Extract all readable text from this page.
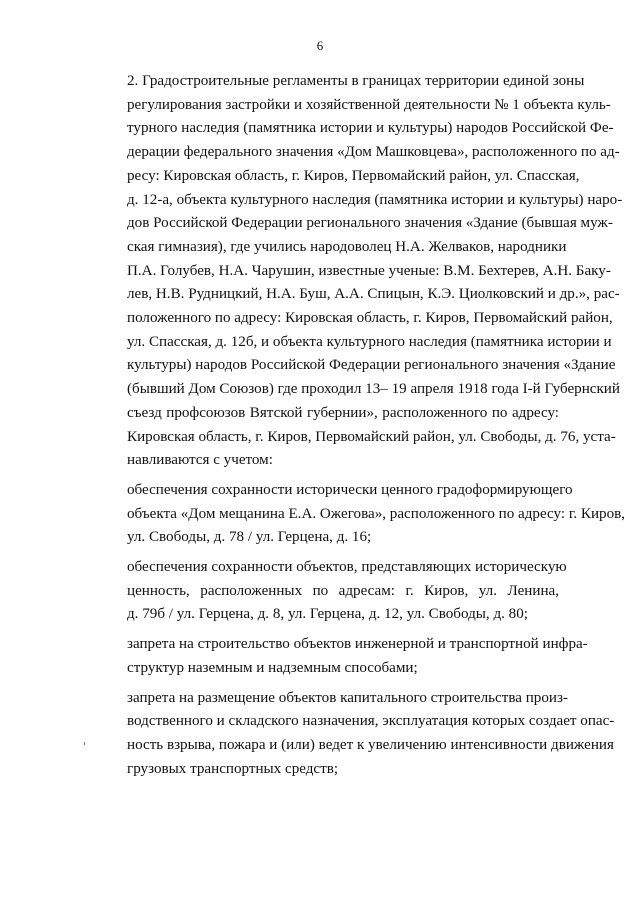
6

2. Градостроительные регламенты в границах территории единой зоны
регулирования застройки и хозяйственной деятельности № 1 объекта куль-
турного наследия (памятника истории и культуры) народов Российской Фе-
дерации федерального значения «Дом Машковцева», расположенного по ад-
ресу: Кировская область, г. Киров, Первомайский район, ул. Спасская,
д. 12-а, объекта культурного наследия (памятника истории и культуры) наро-
дов Российской Федерации регионального значения «Здание (бывшая муж-
ская гимназия), где учились народоволец Н.А. Желваков, народники
П.А. Голубев, Н.А. Чарушин, известные ученые: В.М. Бехтерев, А.Н. Баку-
лев, Н.В. Рудницкий, Н.А. Буш, А.А. Спицын, К.Э. Циолковский и др.», рас-
положенного по адресу: Кировская область, г. Киров, Первомайский район,
ул. Спасская, д. 12б, и объекта культурного наследия (памятника истории и
культуры) народов Российской Федерации регионального значения «Здание
(бывший Дом Союзов) где проходил 13– 19 апреля 1918 года I-й Губернский
съезд профсоюзов Вятской губернии», расположенного по адресу:
Кировская область, г. Киров, Первомайский район, ул. Свободы, д. 76, уста-
навливаются с учетом:

обеспечения сохранности исторически ценного градоформирующего
объекта «Дом мещанина Е.А. Ожегова», расположенного по адресу: г. Киров,
ул. Свободы, д. 78 / ул. Герцена, д. 16;

обеспечения сохранности объектов, представляющих историческую
ценность, расположенных по адресам: г. Киров, ул. Ленина,
д. 79б / ул. Герцена, д. 8, ул. Герцена, д. 12, ул. Свободы, д. 80;

запрета на строительство объектов инженерной и транспортной инфра-
структур наземным и надземным способами;

запрета на размещение объектов капитального строительства произ-
водственного и складского назначения, эксплуатация которых создает опас-
ность взрыва, пожара и (или) ведет к увеличению интенсивности движения
грузовых транспортных средств;
